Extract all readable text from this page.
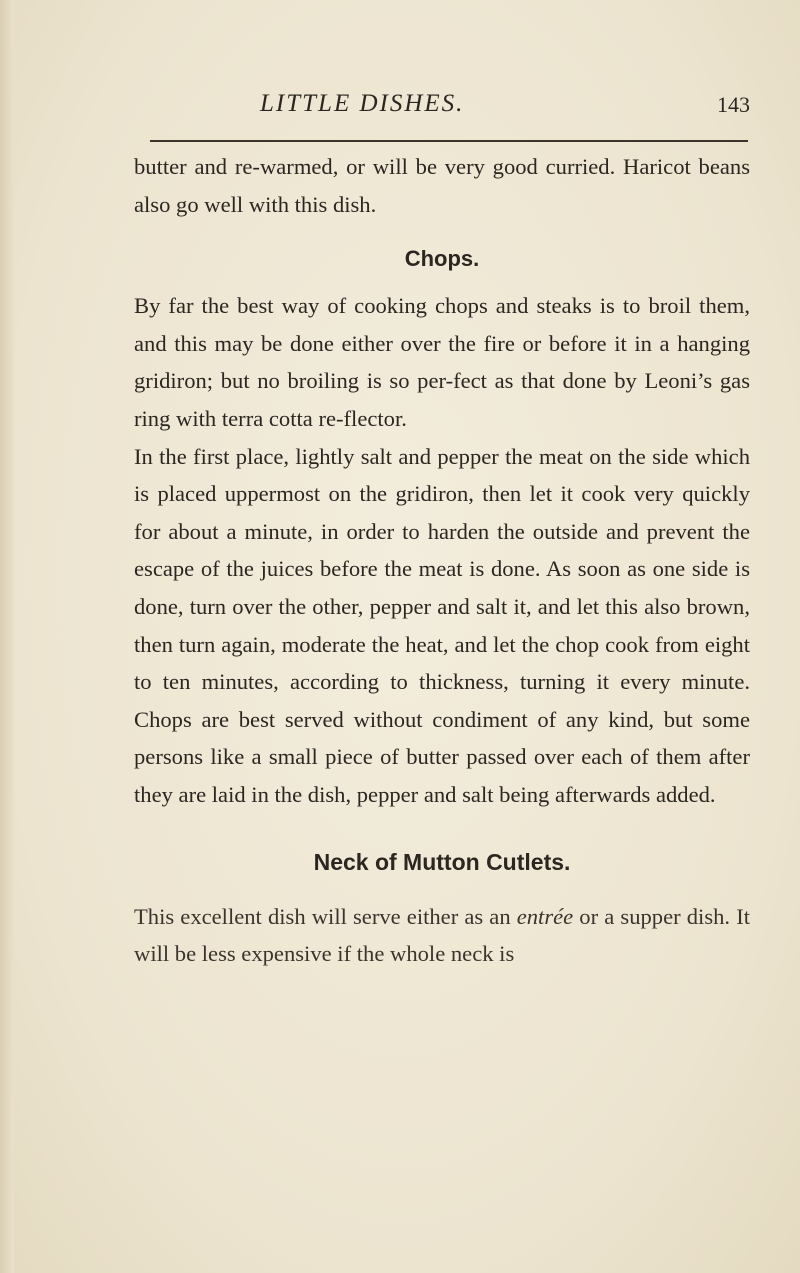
LITTLE DISHES.	143

butter and re-warmed, or will be very good curried. Haricot beans also go well with this dish.

Chops.

By far the best way of cooking chops and steaks is to broil them, and this may be done either over the fire or before it in a hanging gridiron; but no broiling is so per-fect as that done by Leoni’s gas ring with terra cotta re-flector.

In the first place, lightly salt and pepper the meat on the side which is placed uppermost on the gridiron, then let it cook very quickly for about a minute, in order to harden the outside and prevent the escape of the juices before the meat is done. As soon as one side is done, turn over the other, pepper and salt it, and let this also brown, then turn again, moderate the heat, and let the chop cook from eight to ten minutes, according to thickness, turning it every minute. Chops are best served without condiment of any kind, but some persons like a small piece of butter passed over each of them after they are laid in the dish, pepper and salt being afterwards added.

Neck of Mutton Cutlets.

This excellent dish will serve either as an entrée or a supper dish. It will be less expensive if the whole neck is
